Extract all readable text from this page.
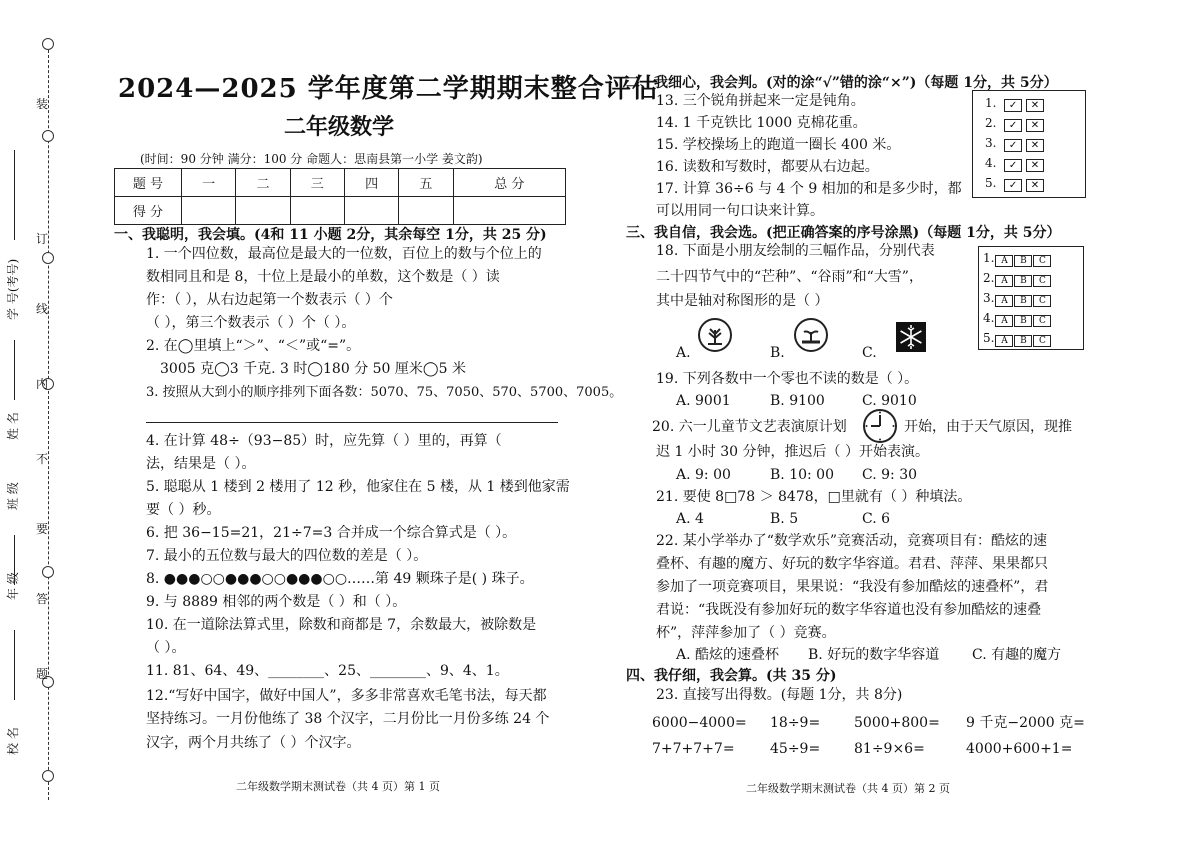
装
订
线
内
不
要
答
题
校 名
年 级
班 级
姓 名
学 号(考号)
2024—2025 学年度第二学期期末整合评估
二年级数学
(时间：90 分钟 满分：100 分 命题人：思南县第一小学 姜文韵)
题 号	一	二	三	四	五	总 分
得 分						
一、我聪明，我会填。(4和 11 小题 2分，其余每空 1分，共 25 分)
1. 一个四位数，最高位是最大的一位数，百位上的数与个位上的
数相同且和是 8，十位上是最小的单数，这个数是（ ）读
作：（ ），从右边起第一个数表示（ ）个
（ ），第三个数表示（ ）个（ ）。
2. 在◯里填上“＞”、“＜”或“=”。
3005 克◯3 千克. 3 时◯180 分 50 厘米◯5 米
3. 按照从大到小的顺序排列下面各数：5070、75、7050、570、5700、7005。
4. 在计算 48÷（93−85）时，应先算（ ）里的，再算（
法，结果是（ ）。
5. 聪聪从 1 楼到 2 楼用了 12 秒，他家住在 5 楼，从 1 楼到他家需
要（ ）秒。
6. 把 36−15=21，21÷7=3 合并成一个综合算式是（ ）。
7. 最小的五位数与最大的四位数的差是（ ）。
8. ●●●○○●●●○○●●●○○……第 49 颗珠子是( ) 珠子。
9. 与 8889 相邻的两个数是（ ）和（ ）。
10. 在一道除法算式里，除数和商都是 7，余数最大，被除数是
（ ）。
11. 81、64、49、________、25、________、9、4、1。
12.“写好中国字，做好中国人”，多多非常喜欢毛笔书法，每天都
坚持练习。一月份他练了 38 个汉字，二月份比一月份多练 24 个
汉字，两个月共练了（ ）个汉字。
二年级数学期末测试卷（共 4 页）第 1 页
二、我细心，我会判。(对的涂“√”错的涂“×”)（每题 1分，共 5分）
13. 三个锐角拼起来一定是钝角。
14. 1 千克铁比 1000 克棉花重。
15. 学校操场上的跑道一圈长 400 米。
16. 读数和写数时，都要从右边起。
17. 计算 36÷6 与 4 个 9 相加的和是多少时，都
可以用同一句口诀来计算。
1. ✓ ✕
2. ✓ ✕
3. ✓ ✕
4. ✓ ✕
5. ✓ ✕
三、我自信，我会选。(把正确答案的序号涂黑)（每题 1分，共 5分）
18. 下面是小朋友绘制的三幅作品，分别代表
二十四节气中的“芒种”、“谷雨”和“大雪”，
其中是轴对称图形的是（ ）
1. A B C
2. A B C
3. A B C
4. A B C
5. A B C
A.	B.	C.
19. 下列各数中一个零也不读的数是（ ）。
A. 9001	B. 9100	C. 9010
20. 六一儿童节文艺表演原计划	开始，由于天气原因，现推
迟 1 小时 30 分钟，推迟后（ ）开始表演。
A. 9: 00	B. 10: 00 C. 9: 30
21. 要使 8□78 ＞ 8478，□里就有（ ）种填法。
A. 4	B. 5	C. 6
22. 某小学举办了“数学欢乐”竞赛活动，竞赛项目有：酷炫的速
叠杯、有趣的魔方、好玩的数字华容道。君君、萍萍、果果都只
参加了一项竞赛项目，果果说：“我没有参加酷炫的速叠杯”，君
君说：“我既没有参加好玩的数字华容道也没有参加酷炫的速叠
杯”，萍萍参加了（ ）竞赛。
A. 酷炫的速叠杯 B. 好玩的数字华容道 C. 有趣的魔方
四、我仔细，我会算。(共 35 分)
23. 直接写出得数。(每题 1分，共 8分)
6000−4000= 18÷9= 5000+800= 9 千克−2000 克=
7+7+7+7=	45÷9= 81÷9×6=	4000+600+1=
二年级数学期末测试卷（共 4 页）第 2 页
